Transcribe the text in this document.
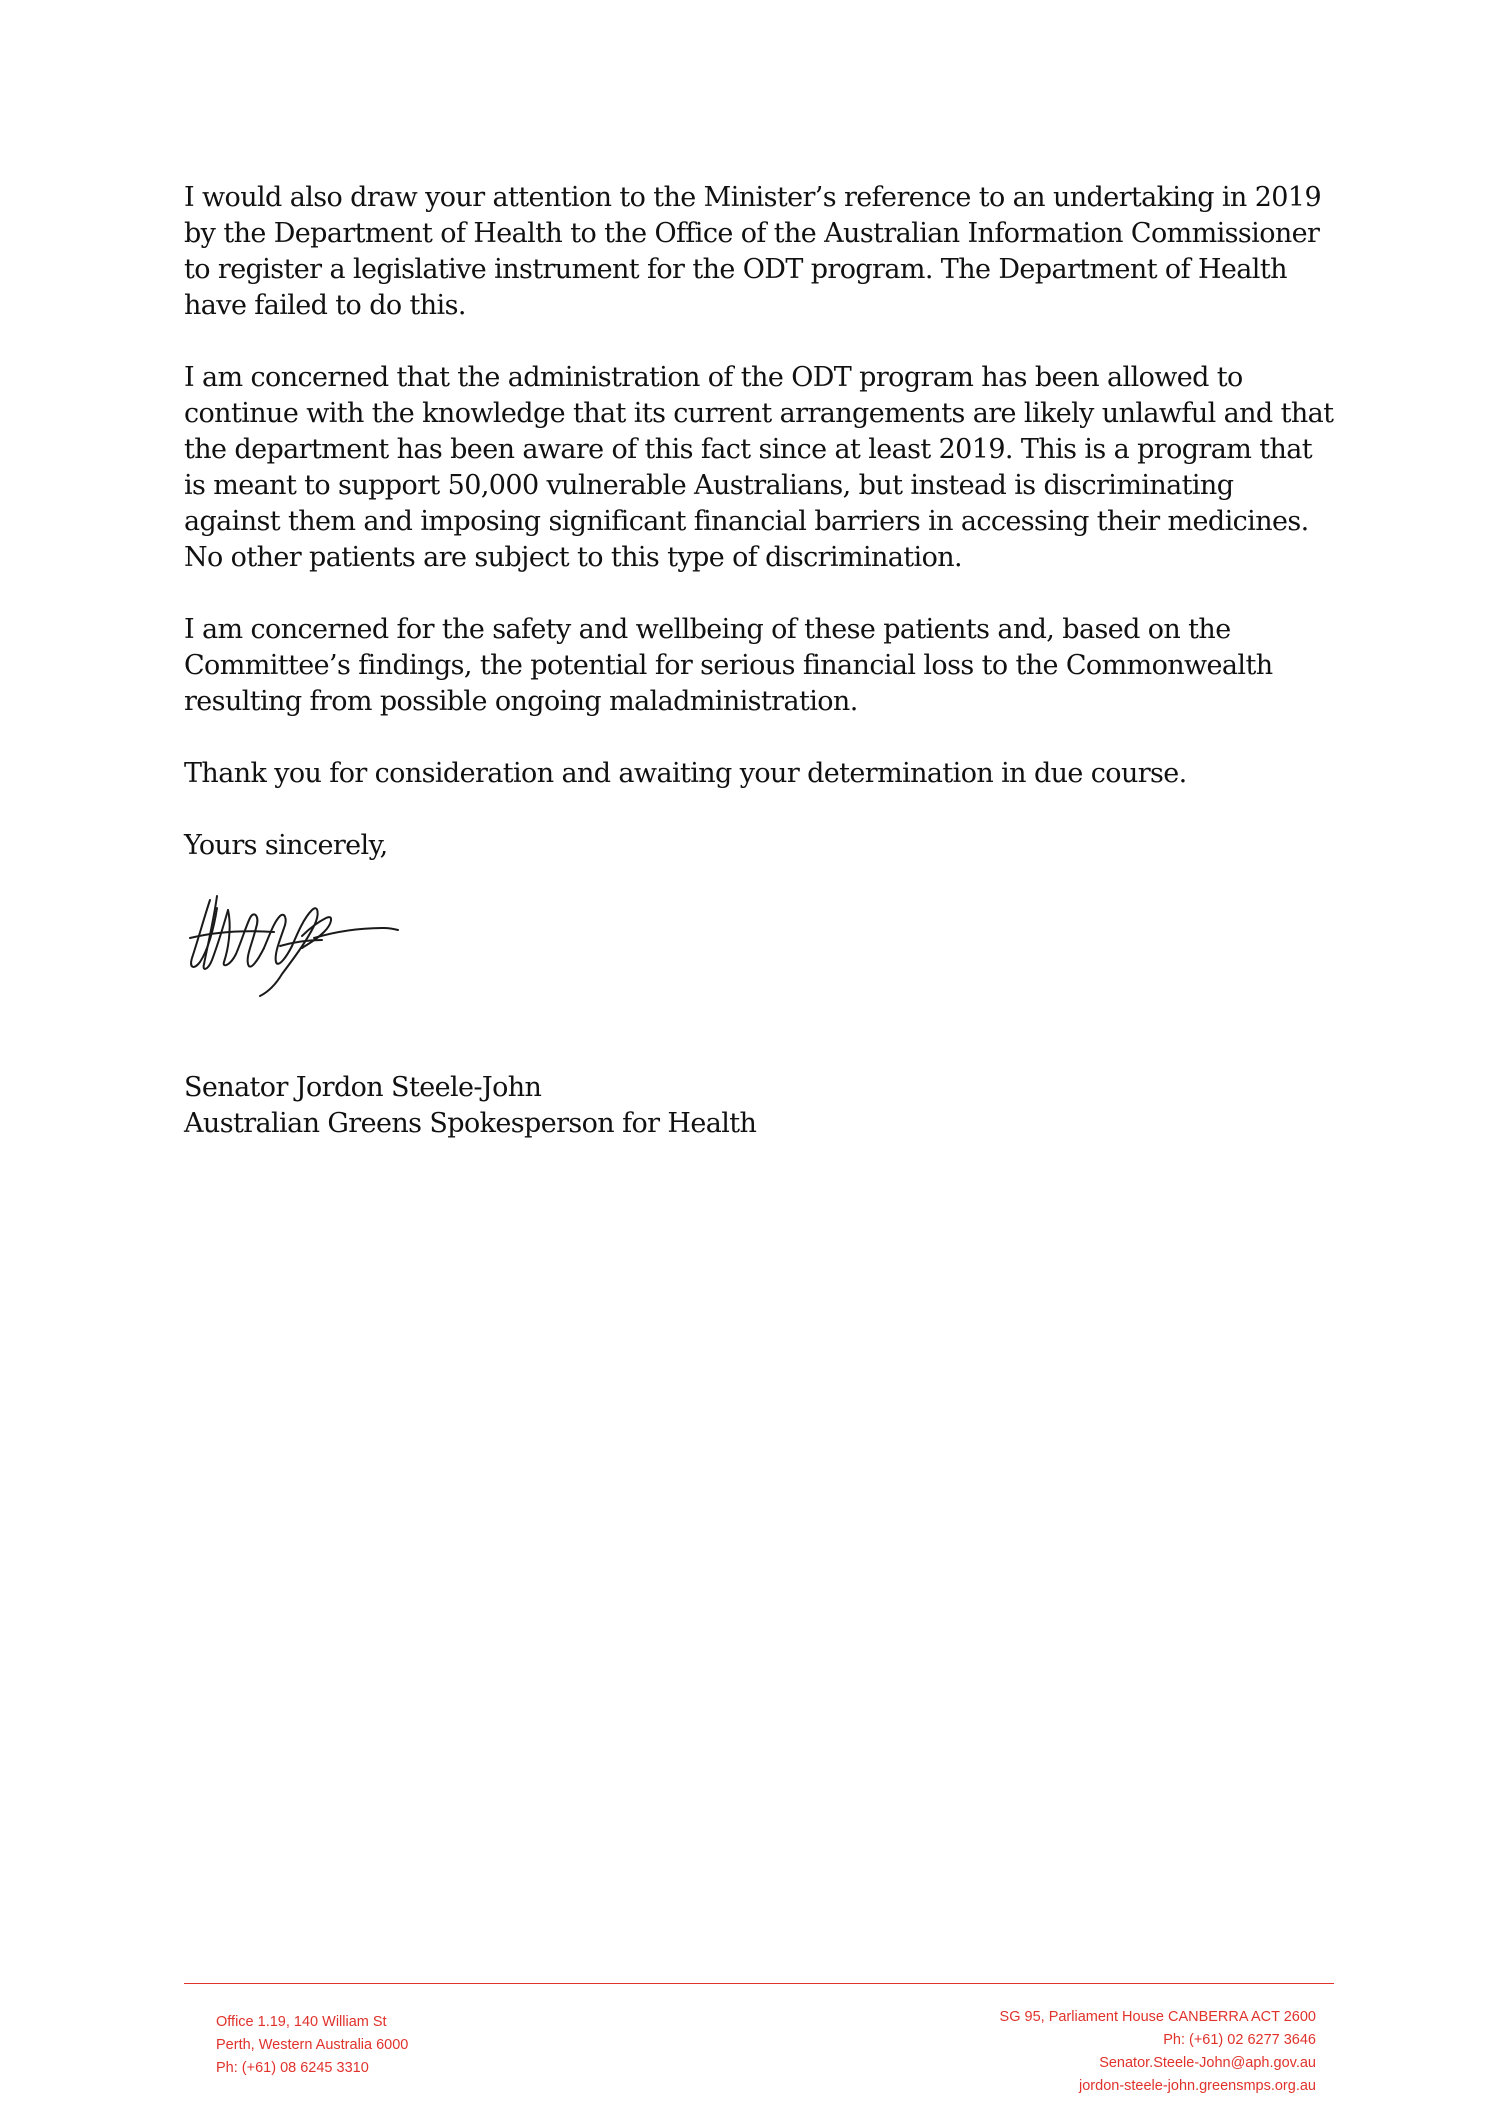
I would also draw your attention to the Minister’s reference to an undertaking in 2019 by the Department of Health to the Office of the Australian Information Commissioner to register a legislative instrument for the ODT program. The Department of Health have failed to do this.

I am concerned that the administration of the ODT program has been allowed to continue with the knowledge that its current arrangements are likely unlawful and that the department has been aware of this fact since at least 2019. This is a program that is meant to support 50,000 vulnerable Australians, but instead is discriminating against them and imposing significant financial barriers in accessing their medicines. No other patients are subject to this type of discrimination.

I am concerned for the safety and wellbeing of these patients and, based on the Committee’s findings, the potential for serious financial loss to the Commonwealth resulting from possible ongoing maladministration.

Thank you for consideration and awaiting your determination in due course.

Yours sincerely,

Senator Jordon Steele-John
Australian Greens Spokesperson for Health
Office 1.19, 140 William St
Perth, Western Australia 6000
Ph: (+61) 08 6245 3310
SG 95, Parliament House CANBERRA ACT 2600
Ph: (+61) 02 6277 3646
Senator.Steele-John@aph.gov.au
jordon-steele-john.greensmps.org.au
